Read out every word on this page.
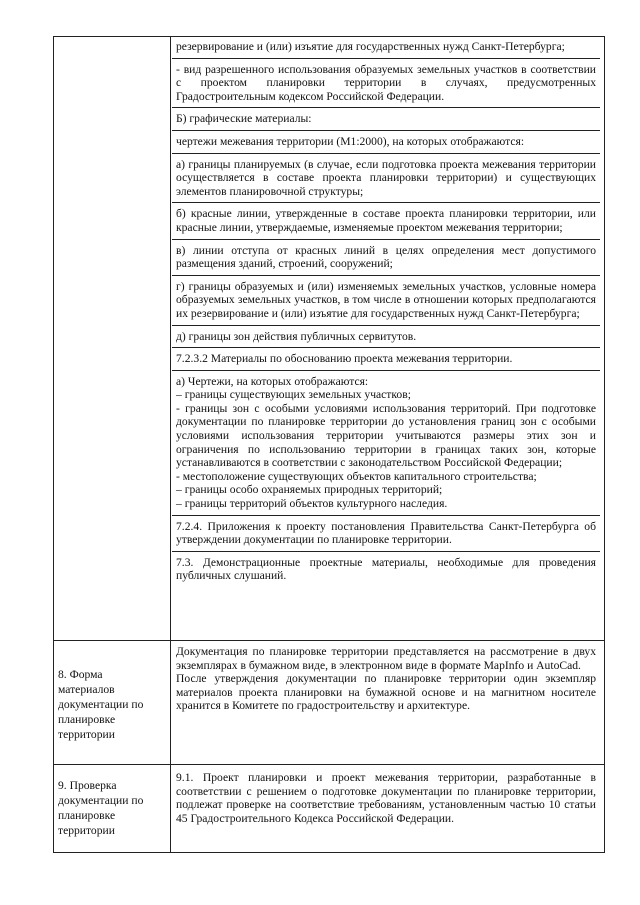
резервирование и (или) изъятие для государственных нужд Санкт-Петербурга;

- вид разрешенного использования образуемых земельных участков в соответствии с проектом планировки территории в случаях, предусмотренных Градостроительным кодексом Российской Федерации.

Б) графические материалы:

чертежи межевания территории (М1:2000), на которых отображаются:

а) границы планируемых (в случае, если подготовка проекта межевания территории осуществляется в составе проекта планировки территории) и существующих элементов планировочной структуры;

б) красные линии, утвержденные в составе проекта планировки территории, или красные линии, утверждаемые, изменяемые проектом межевания территории;

в) линии отступа от красных линий в целях определения мест допустимого размещения зданий, строений, сооружений;

г) границы образуемых и (или) изменяемых земельных участков, условные номера образуемых земельных участков, в том числе в отношении которых предполагаются их резервирование и (или) изъятие для государственных нужд Санкт-Петербурга;

д) границы зон действия публичных сервитутов.

7.2.3.2 Материалы по обоснованию проекта межевания территории.

а) Чертежи, на которых отображаются:
– границы существующих земельных участков;
- границы зон с особыми условиями использования территорий. При подготовке документации по планировке территории до установления границ зон с особыми условиями использования территории учитываются размеры этих зон и ограничения по использованию территории в границах таких зон, которые устанавливаются в соответствии с законодательством Российской Федерации;
- местоположение существующих объектов капитального строительства;
– границы особо охраняемых природных территорий;
– границы территорий объектов культурного наследия.

7.2.4. Приложения к проекту постановления Правительства Санкт-Петербурга об утверждении документации по планировке территории.

7.3. Демонстрационные проектные материалы, необходимые для проведения публичных слушаний.

8. Форма материалов документации по планировке территории

Документация по планировке территории представляется на рассмотрение в двух экземплярах в бумажном виде, в электронном виде в формате MapInfo и AutoCad.
После утверждения документации по планировке территории один экземпляр материалов проекта планировки на бумажной основе и на магнитном носителе хранится в Комитете по градостроительству и архитектуре.

9. Проверка документации по планировке территории

9.1. Проект планировки и проект межевания территории, разработанные в соответствии с решением о подготовке документации по планировке территории, подлежат проверке на соответствие требованиям, установленным частью 10 статьи 45 Градостроительного Кодекса Российской Федерации.
